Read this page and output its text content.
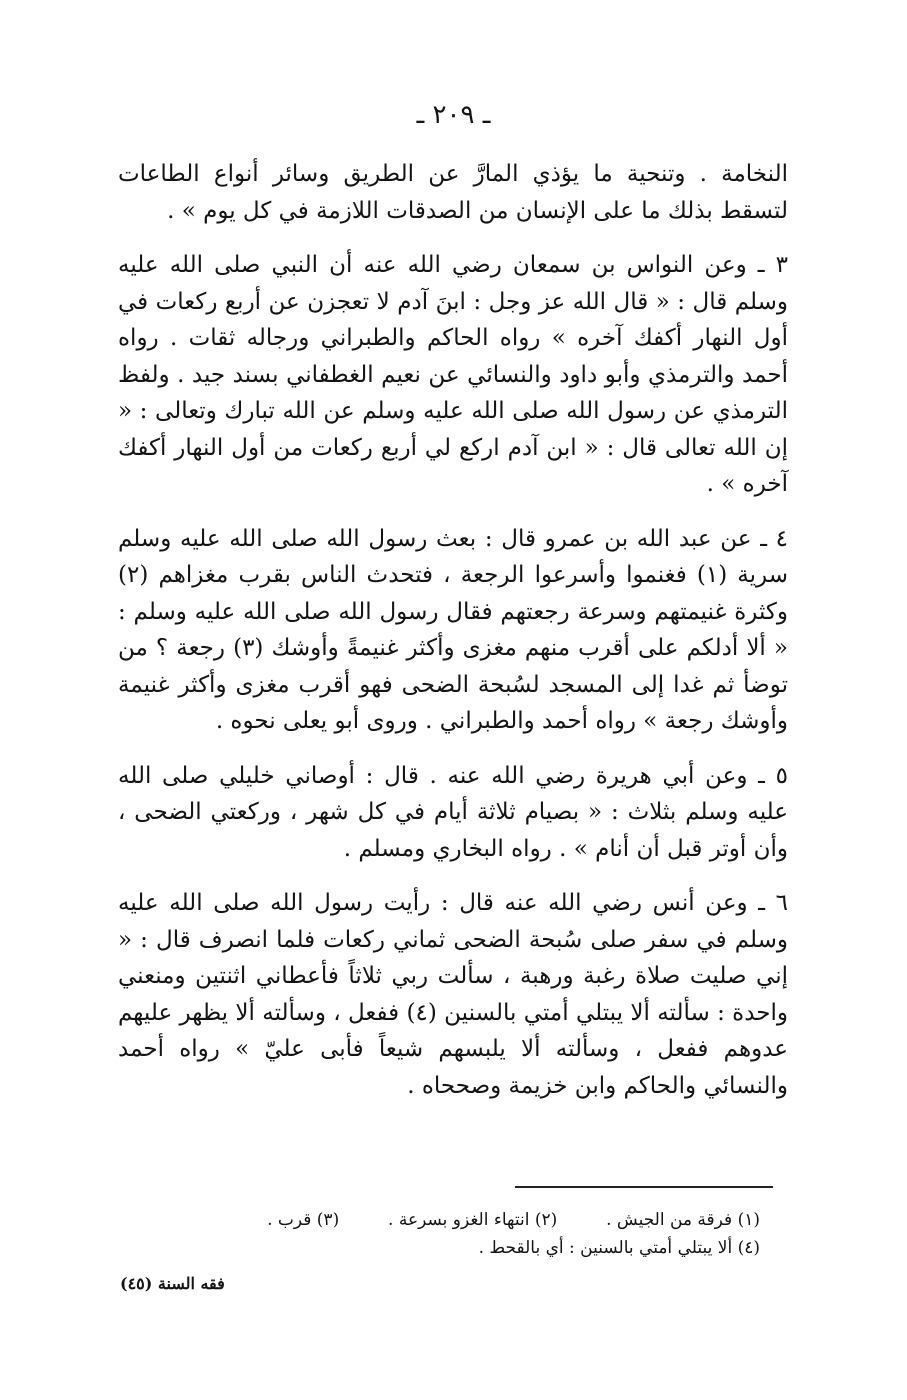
ـ ٢٠٩ ـ

النخامة . وتنحية ما يؤذي المارَّ عن الطريق وسائر أنواع الطاعات لتسقط بذلك ما على الإنسان من الصدقات اللازمة في كل يوم » .

٣ ـ وعن النواس بن سمعان رضي الله عنه أن النبي صلى الله عليه وسلم قال : « قال الله عز وجل : ابنَ آدم لا تعجزن عن أربع ركعات في أول النهار أكفك آخره » رواه الحاكم والطبراني ورجاله ثقات . رواه أحمد والترمذي وأبو داود والنسائي عن نعيم الغطفاني بسند جيد . ولفظ الترمذي عن رسول الله صلى الله عليه وسلم عن الله تبارك وتعالى : « إن الله تعالى قال : « ابن آدم اركع لي أربع ركعات من أول النهار أكفك آخره » .

٤ ـ عن عبد الله بن عمرو قال : بعث رسول الله صلى الله عليه وسلم سرية (١) فغنموا وأسرعوا الرجعة ، فتحدث الناس بقرب مغزاهم (٢) وكثرة غنيمتهم وسرعة رجعتهم فقال رسول الله صلى الله عليه وسلم : « ألا أدلكم على أقرب منهم مغزى وأكثر غنيمةً وأوشك (٣) رجعة ؟ من توضأ ثم غدا إلى المسجد لسُبحة الضحى فهو أقرب مغزى وأكثر غنيمة وأوشك رجعة » رواه أحمد والطبراني . وروى أبو يعلى نحوه .

٥ ـ وعن أبي هريرة رضي الله عنه . قال : أوصاني خليلي صلى الله عليه وسلم بثلاث : « بصيام ثلاثة أيام في كل شهر ، وركعتي الضحى ، وأن أوتر قبل أن أنام » . رواه البخاري ومسلم .

٦ ـ وعن أنس رضي الله عنه قال : رأيت رسول الله صلى الله عليه وسلم في سفر صلى سُبحة الضحى ثماني ركعات فلما انصرف قال : « إني صليت صلاة رغبة ورهبة ، سألت ربي ثلاثاً فأعطاني اثنتين ومنعني واحدة : سألته ألا يبتلي أمتي بالسنين (٤) ففعل ، وسألته ألا يظهر عليهم عدوهم ففعل ، وسألته ألا يلبسهم شيعاً فأبى عليّ » رواه أحمد والنسائي والحاكم وابن خزيمة وصححاه .

(١) فرقة من الجيش .  (٢) انتهاء الغزو بسرعة .  (٣) قرب .
(٤) ألا يبتلي أمتي بالسنين : أي بالقحط .
فقه السنة (٤٥)
